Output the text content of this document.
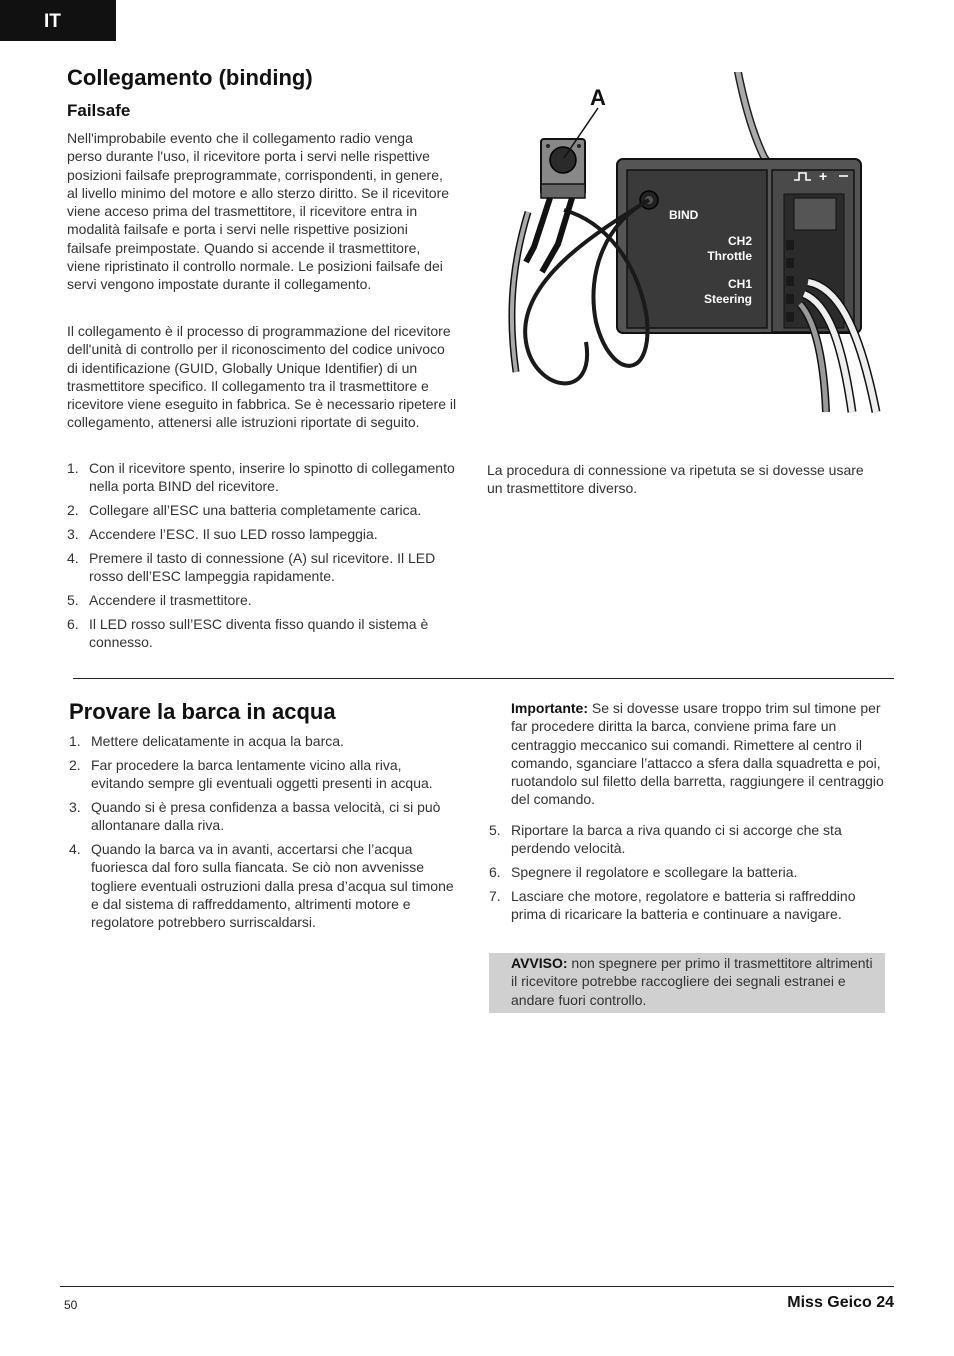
IT
Collegamento (binding)
Failsafe

Nell'improbabile evento che il collegamento radio venga perso durante l'uso, il ricevitore porta i servi nelle rispettive posizioni failsafe preprogrammate, corrispondenti, in genere, al livello minimo del motore e allo sterzo diritto. Se il ricevitore viene acceso prima del trasmettitore, il ricevitore entra in modalità failsafe e porta i servi nelle rispettive posizioni failsafe preimpostate. Quando si accende il trasmettitore, viene ripristinato il controllo normale. Le posizioni failsafe dei servi vengono impostate durante il collegamento.

Il collegamento è il processo di programmazione del ricevitore dell'unità di controllo per il riconoscimento del codice univoco di identificazione (GUID, Globally Unique Identifier) di un trasmettitore specifico. Il collegamento tra il trasmettitore e ricevitore viene eseguito in fabbrica. Se è necessario ripetere il collegamento, attenersi alle istruzioni riportate di seguito.

1. Con il ricevitore spento, inserire lo spinotto di collegamento nella porta BIND del ricevitore.
2. Collegare all’ESC una batteria completamente carica.
3. Accendere l’ESC. Il suo LED rosso lampeggia.
4. Premere il tasto di connessione (A) sul ricevitore. Il LED rosso dell’ESC lampeggia rapidamente.
5. Accendere il trasmettitore.
6. Il LED rosso sull’ESC diventa fisso quando il sistema è connesso.
+
BIND
CH2
Throttle
CH1
Steering
A

La procedura di connessione va ripetuta se si dovesse usare un trasmettitore diverso.

Provare la barca in acqua
1. Mettere delicatamente in acqua la barca.
2. Far procedere la barca lentamente vicino alla riva, evitando sempre gli eventuali oggetti presenti in acqua.
3. Quando si è presa confidenza a bassa velocità, ci si può allontanare dalla riva.
4. Quando la barca va in avanti, accertarsi che l’acqua fuoriesca dal foro sulla fiancata. Se ciò non avvenisse togliere eventuali ostruzioni dalla presa d’acqua sul timone e dal sistema di raffreddamento, altrimenti motore e regolatore potrebbero surriscaldarsi.

Importante: Se si dovesse usare troppo trim sul timone per far procedere diritta la barca, conviene prima fare un centraggio meccanico sui comandi. Rimettere al centro il comando, sganciare l’attacco a sfera dalla squadretta e poi, ruotandolo sul filetto della barretta, raggiungere il centraggio del comando.

5. Riportare la barca a riva quando ci si accorge che sta perdendo velocità.
6. Spegnere il regolatore e scollegare la batteria.
7. Lasciare che motore, regolatore e batteria si raffreddino prima di ricaricare la batteria e continuare a navigare.
AVVISO: non spegnere per primo il trasmettitore altrimenti il ricevitore potrebbe raccogliere dei segnali estranei e andare fuori controllo.
50	Miss Geico 24
